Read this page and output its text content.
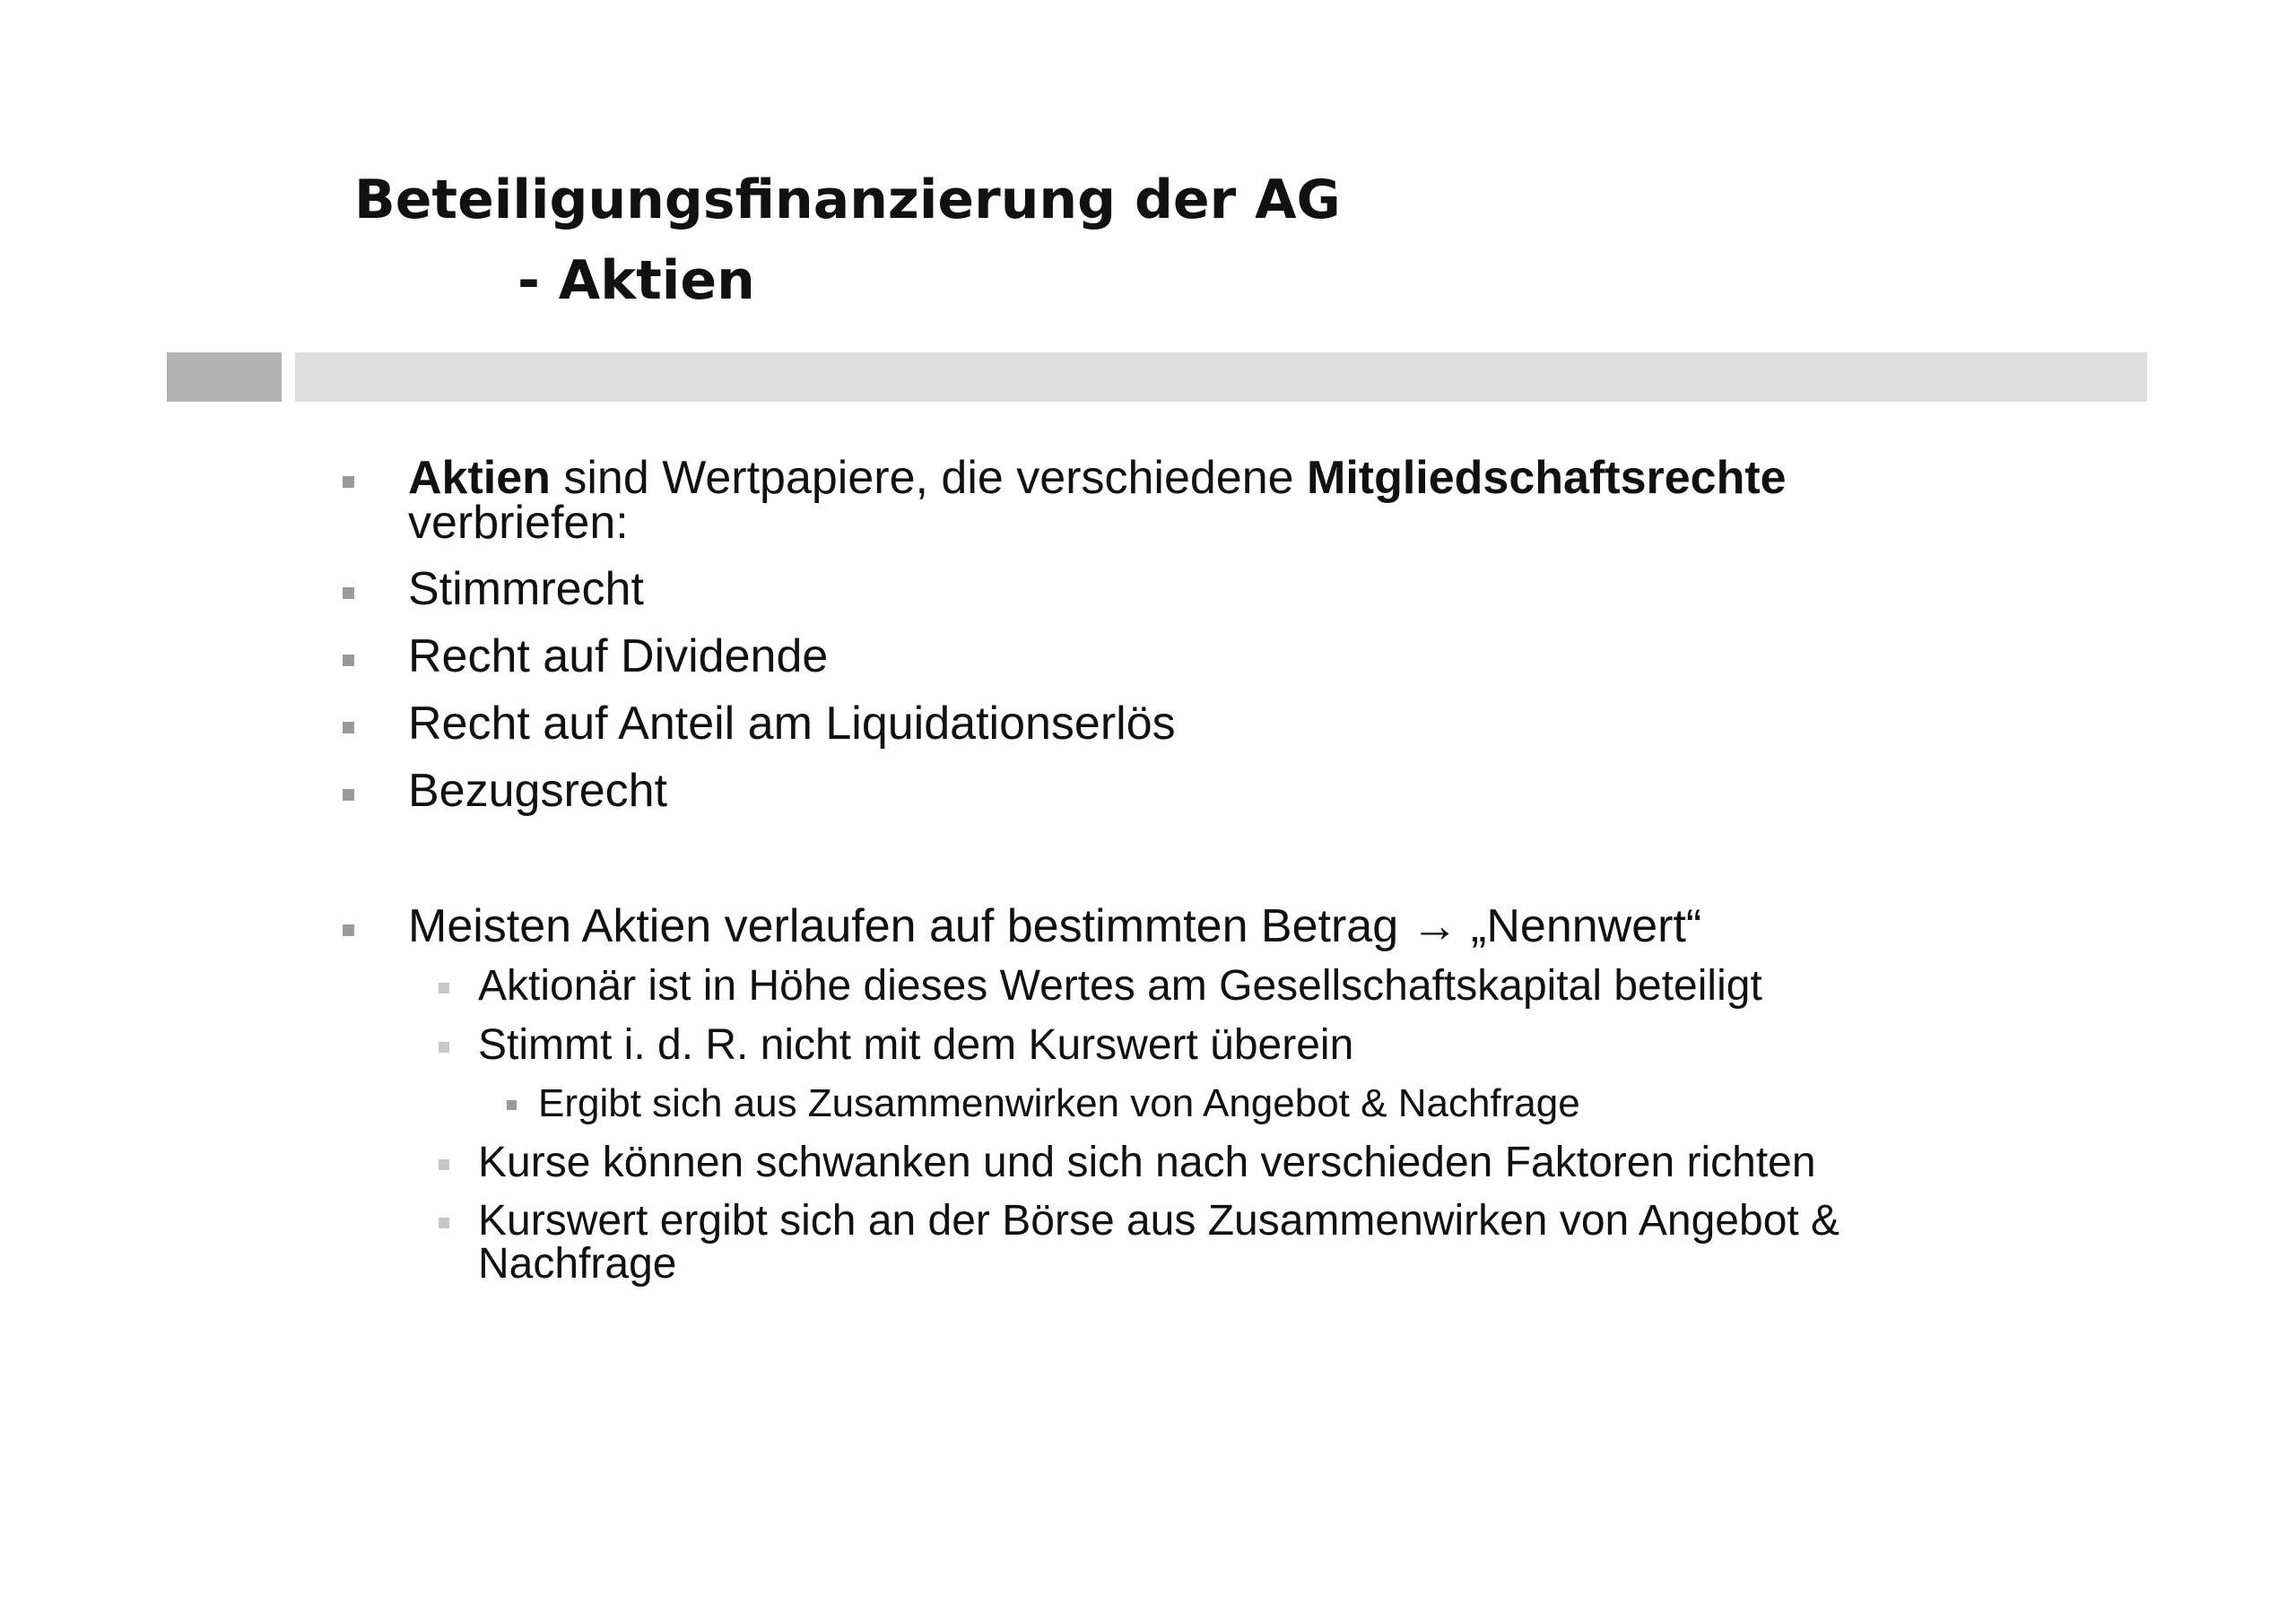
Beteiligungsfinanzierung der AG
- Aktien
Aktien sind Wertpapiere, die verschiedene Mitgliedschaftsrechte
verbriefen:
Stimmrecht
Recht auf Dividende
Recht auf Anteil am Liquidationserlös
Bezugsrecht
Meisten Aktien verlaufen auf bestimmten Betrag → „Nennwert“
Aktionär ist in Höhe dieses Wertes am Gesellschaftskapital beteiligt
Stimmt i. d. R. nicht mit dem Kurswert überein
Ergibt sich aus Zusammenwirken von Angebot & Nachfrage
Kurse können schwanken und sich nach verschieden Faktoren richten
Kurswert ergibt sich an der Börse aus Zusammenwirken von Angebot & Nachfrage
